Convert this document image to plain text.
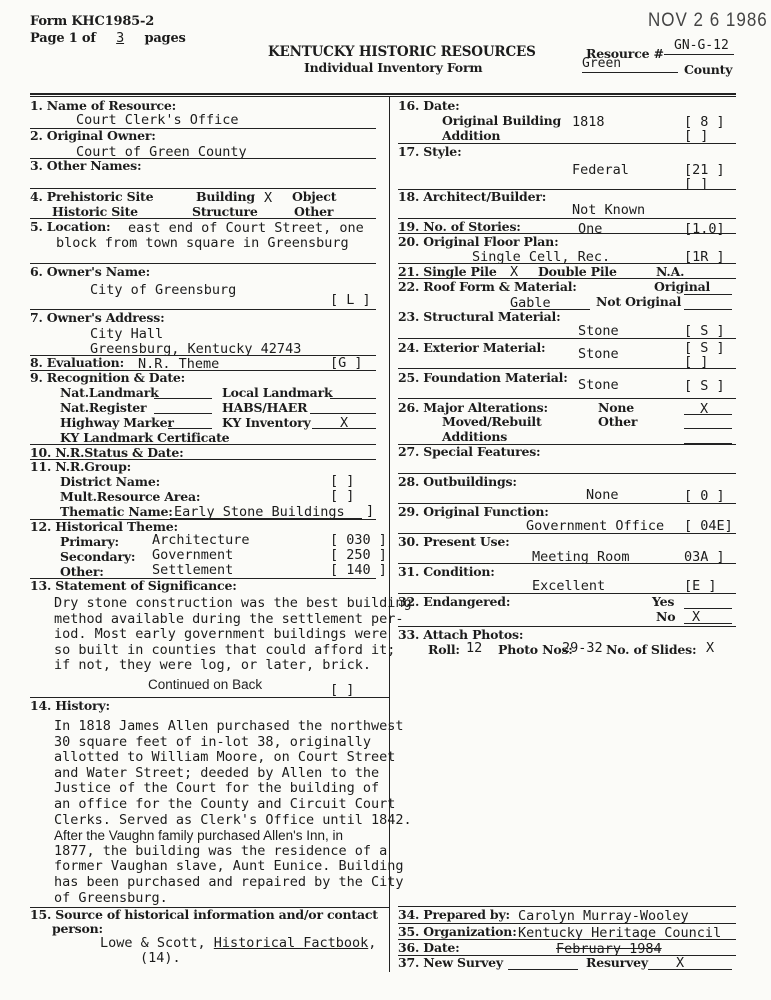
Form KHC1985-2
Page 1 of 3 pages
KENTUCKY HISTORIC RESOURCES
Individual Inventory Form
NOV 2 6 1986
Resource #
GN-G-12
Green	County
1. Name of Resource:
Court Clerk's Office
2. Original Owner:
Court of Green County
3. Other Names:
4. Prehistoric Site
Historic Site
Building X Object
Structure	Other
5. Location: east end of Court Street, one
block from town square in Greensburg
6. Owner's Name:
City of Greensburg
[ L ]
7. Owner's Address:
City Hall
Greensburg, Kentucky 42743
8. Evaluation: N.R. Theme	[G ]
9. Recognition & Date:
Nat.Landmark	Local Landmark
Nat.Register	HABS/HAER
Highway Marker	KY Inventory X
KY Landmark Certificate
10. N.R.Status & Date:
11. N.R.Group:
District Name:	[ ]
Mult.Resource Area:	[ ]
Thematic Name: Early Stone Buildings ]
12. Historical Theme:
Primary: Architecture	[ 030 ]
Secondary: Government	[ 250 ]
Other:	Settlement	[ 140 ]
13. Statement of Significance:
Dry stone construction was the best building
method available during the settlement per-
iod. Most early government buildings were
so built in counties that could afford it;
if not, they were log, or later, brick.
Continued on Back	[ ]
14. History:
In 1818 James Allen purchased the northwest
30 square feet of in-lot 38, originally
allotted to William Moore, on Court Street
and Water Street; deeded by Allen to the
Justice of the Court for the building of
an office for the County and Circuit Court
Clerks. Served as Clerk's Office until 1842.
After the Vaughn family purchased Allen's Inn, in
1877, the building was the residence of a
former Vaughan slave, Aunt Eunice. Building
has been purchased and repaired by the City
of Greensburg.
15. Source of historical information and/or contact
person:
Lowe & Scott, Historical Factbook,
(14).
16. Date:
Original Building 1818	[ 8 ]
Addition	[ ]
17. Style:
Federal	[21 ]
[ ]
18. Architect/Builder:
Not Known
19. No. of Stories:	One	[1.0]
20. Original Floor Plan:
Single Cell, Rec.	[1R ]
21. Single Pile X Double Pile	N.A.
22. Roof Form & Material:	Original
Gable	Not Original
23. Structural Material:
Stone	[ S ]
24. Exterior Material: Stone	[ S ]
[ ]
25. Foundation Material: Stone	[ S ]
26. Major Alterations:	None	X
Moved/Rebuilt	Other
Additions
27. Special Features:
28. Outbuildings:
None	[ 0 ]
29. Original Function:
Government Office [ 04E]
30. Present Use:
Meeting Room	03A ]
31. Condition:
Excellent	[E ]
32. Endangered:	Yes
No X
33. Attach Photos:
Roll: 12 Photo Nos:
29-32 No. of Slides: X
34. Prepared by: Carolyn Murray-Wooley
35. Organization: Kentucky Heritage Council
36. Date:	February 1984
37. New Survey	Resurvey X
